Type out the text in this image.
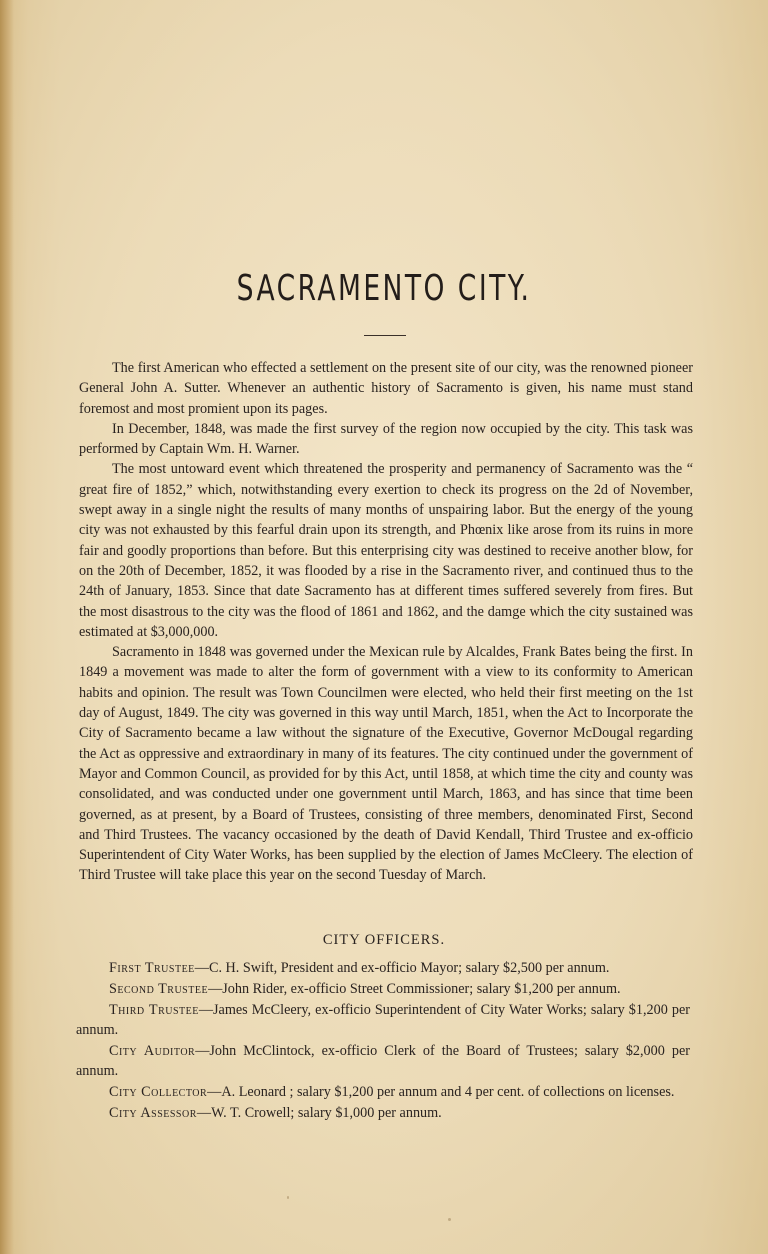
SACRAMENTO CITY.

The first American who effected a settlement on the present site of our city, was the renowned pioneer General John A. Sutter. Whenever an authentic history of Sacramento is given, his name must stand foremost and most promient upon its pages.

In December, 1848, was made the first survey of the region now occupied by the city. This task was performed by Captain Wm. H. Warner.

The most untoward event which threatened the prosperity and permanency of Sacramento was the “ great fire of 1852,” which, notwithstanding every exertion to check its progress on the 2d of November, swept away in a single night the results of many months of unspairing labor. But the energy of the young city was not exhausted by this fearful drain upon its strength, and Phœnix like arose from its ruins in more fair and goodly proportions than before. But this enterprising city was destined to receive another blow, for on the 20th of December, 1852, it was flooded by a rise in the Sacramento river, and continued thus to the 24th of January, 1853. Since that date Sacramento has at different times suffered severely from fires. But the most disastrous to the city was the flood of 1861 and 1862, and the damge which the city sustained was estimated at $3,000,000.

Sacramento in 1848 was governed under the Mexican rule by Alcaldes, Frank Bates being the first. In 1849 a movement was made to alter the form of government with a view to its conformity to American habits and opinion. The result was Town Councilmen were elected, who held their first meeting on the 1st day of August, 1849. The city was governed in this way until March, 1851, when the Act to Incorporate the City of Sacramento became a law without the signature of the Executive, Governor McDougal regarding the Act as oppressive and extraordinary in many of its features. The city continued under the government of Mayor and Common Council, as provided for by this Act, until 1858, at which time the city and county was consolidated, and was conducted under one government until March, 1863, and has since that time been governed, as at present, by a Board of Trustees, consisting of three members, denominated First, Second and Third Trustees. The vacancy occasioned by the death of David Kendall, Third Trustee and ex-officio Superintendent of City Water Works, has been supplied by the election of James McCleery. The election of Third Trustee will take place this year on the second Tuesday of March.

CITY OFFICERS.

First Trustee—C. H. Swift, President and ex-officio Mayor; salary $2,500 per annum.

Second Trustee—John Rider, ex-officio Street Commissioner; salary $1,200 per annum.

Third Trustee—James McCleery, ex-officio Superintendent of City Water Works; salary $1,200 per annum.

City Auditor—John McClintock, ex-officio Clerk of the Board of Trustees; salary $2,000 per annum.

City Collector—A. Leonard ; salary $1,200 per annum and 4 per cent. of collections on licenses.

City Assessor—W. T. Crowell; salary $1,000 per annum.
